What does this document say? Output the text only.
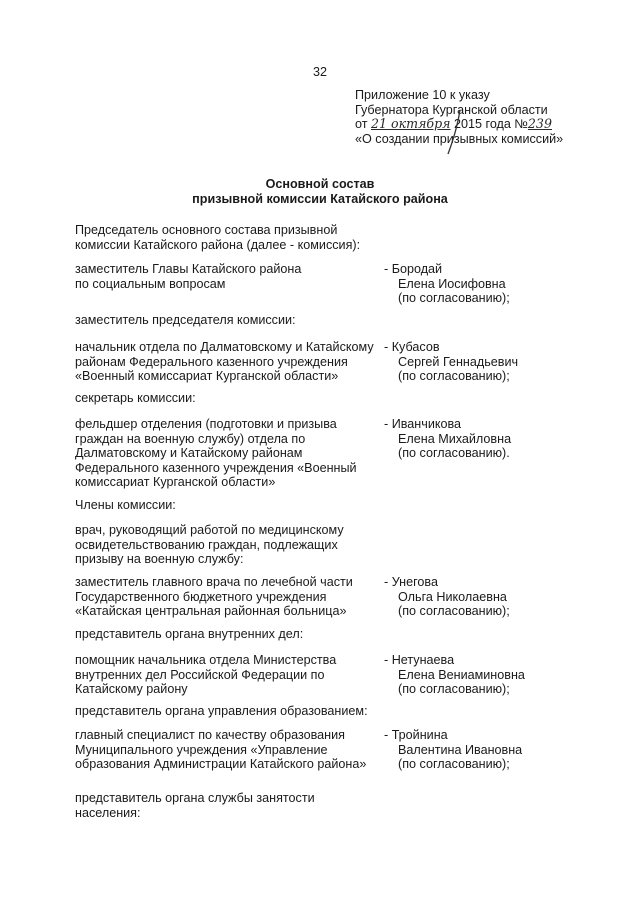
32
Приложение 10 к указу
Губернатора Курганской области
от 21 октября 2015 года №239
«О создании призывных комиссий»
Основной состав
призывной комиссии Катайского района
Председатель основного состава призывной
комиссии Катайского района (далее - комиссия):
заместитель Главы Катайского района
по социальным вопросам
- Бородай
Елена Иосифовна
(по согласованию);
заместитель председателя комиссии:
начальник отдела по Далматовскому и Катайскому
районам Федерального казенного учреждения
«Военный комиссариат Курганской области»
- Кубасов
Сергей Геннадьевич
(по согласованию);
секретарь комиссии:
фельдшер отделения (подготовки и призыва
граждан на военную службу) отдела по
Далматовскому и Катайскому районам
Федерального казенного учреждения «Военный
комиссариат Курганской области»
- Иванчикова
Елена Михайловна
(по согласованию).
Члены комиссии:
врач, руководящий работой по медицинскому
освидетельствованию граждан, подлежащих
призыву на военную службу:
заместитель главного врача по лечебной части
Государственного бюджетного учреждения
«Катайская центральная районная больница»
- Унегова
Ольга Николаевна
(по согласованию);
представитель органа внутренних дел:
помощник начальника отдела Министерства
внутренних дел Российской Федерации по
Катайскому району
- Нетунаева
Елена Вениаминовна
(по согласованию);
представитель органа управления образованием:
главный специалист по качеству образования
Муниципального учреждения «Управление
образования Администрации Катайского района»
- Тройнина
Валентина Ивановна
(по согласованию);
представитель органа службы занятости
населения:
